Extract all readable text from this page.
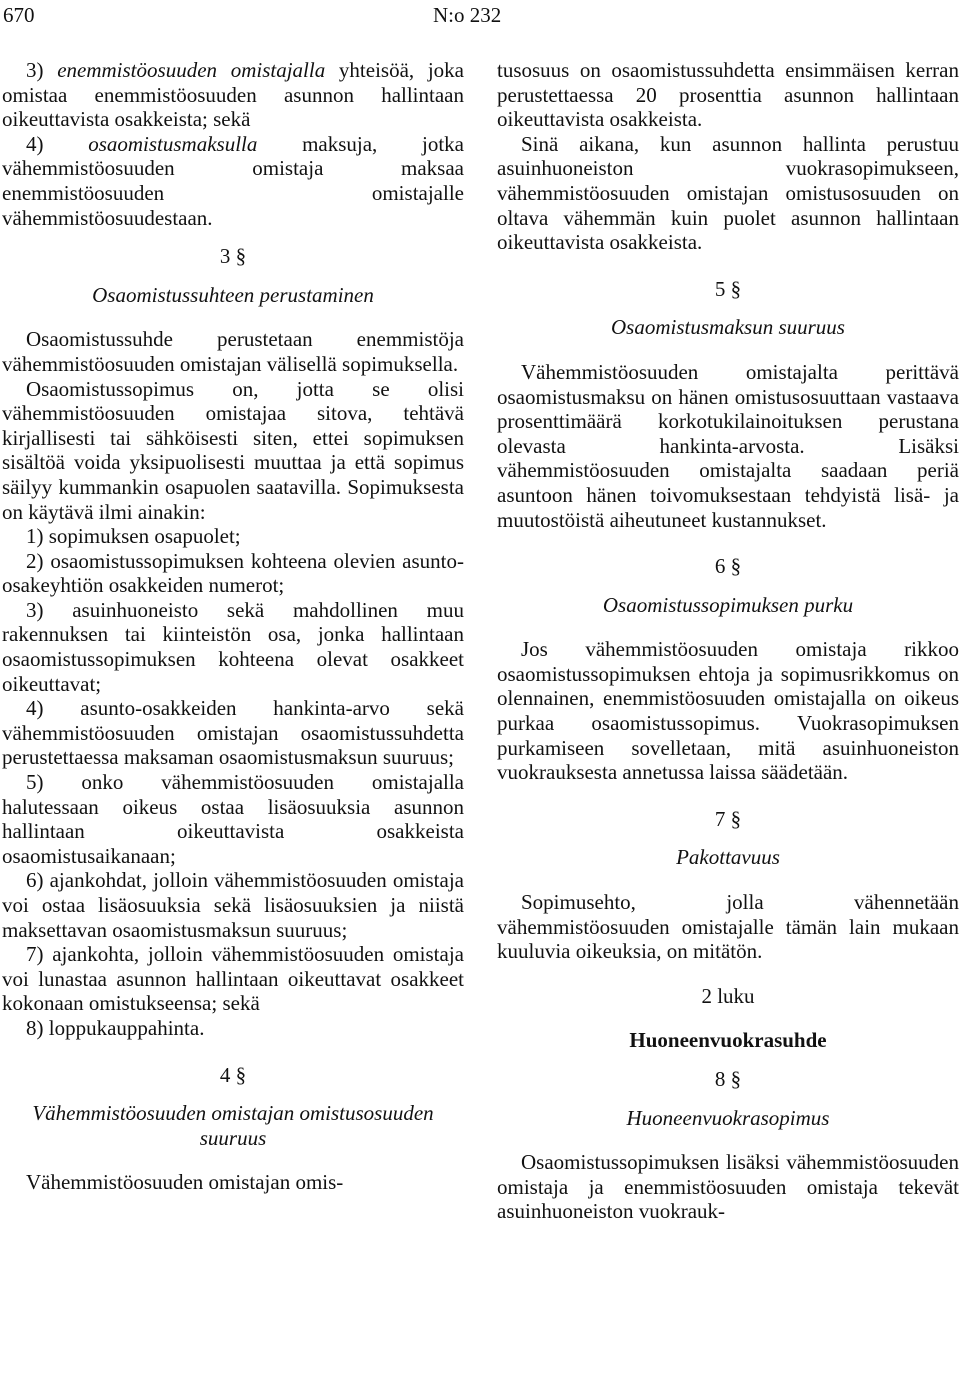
670	N:o 232

3) enemmistöosuuden omistajalla yhteisöä, joka omistaa enemmistöosuuden asunnon hallintaan oikeuttavista osakkeista; sekä

4) osaomistusmaksulla maksuja, jotka vähemmistöosuuden omistaja maksaa enemmistöosuuden omistajalle vähemmistöosuudestaan.

3 §

Osaomistussuhteen perustaminen

Osaomistussuhde perustetaan enemmistöja vähemmistöosuuden omistajan välisellä sopimuksella.

Osaomistussopimus on, jotta se olisi vähemmistöosuuden omistajaa sitova, tehtävä kirjallisesti tai sähköisesti siten, ettei sopimuksen sisältöä voida yksipuolisesti muuttaa ja että sopimus säilyy kummankin osapuolen saatavilla. Sopimuksesta on käytävä ilmi ainakin:

1) sopimuksen osapuolet;

2) osaomistussopimuksen kohteena olevien asunto-osakeyhtiön osakkeiden numerot;

3) asuinhuoneisto sekä mahdollinen muu rakennuksen tai kiinteistön osa, jonka hallintaan osaomistussopimuksen kohteena olevat osakkeet oikeuttavat;

4) asunto-osakkeiden hankinta-arvo sekä vähemmistöosuuden omistajan osaomistussuhdetta perustettaessa maksaman osaomistusmaksun suuruus;

5) onko vähemmistöosuuden omistajalla halutessaan oikeus ostaa lisäosuuksia asunnon hallintaan oikeuttavista osakkeista osaomistusaikanaan;

6) ajankohdat, jolloin vähemmistöosuuden omistaja voi ostaa lisäosuuksia sekä lisäosuuksien ja niistä maksettavan osaomistusmaksun suuruus;

7) ajankohta, jolloin vähemmistöosuuden omistaja voi lunastaa asunnon hallintaan oikeuttavat osakkeet kokonaan omistukseensa; sekä

8) loppukauppahinta.

4 §

Vähemmistöosuuden omistajan omistusosuuden suuruus

Vähemmistöosuuden omistajan omis-

tusosuus on osaomistussuhdetta ensimmäisen kerran perustettaessa 20 prosenttia asunnon hallintaan oikeuttavista osakkeista.

Sinä aikana, kun asunnon hallinta perustuu asuinhuoneiston vuokrasopimukseen, vähemmistöosuuden omistajan omistusosuuden on oltava vähemmän kuin puolet asunnon hallintaan oikeuttavista osakkeista.

5 §

Osaomistusmaksun suuruus

Vähemmistöosuuden omistajalta perittävä osaomistusmaksu on hänen omistusosuuttaan vastaava prosenttimäärä korkotukilainoituksen perustana olevasta hankinta-arvosta. Lisäksi vähemmistöosuuden omistajalta saadaan periä asuntoon hänen toivomuksestaan tehdyistä lisä- ja muutostöistä aiheutuneet kustannukset.

6 §

Osaomistussopimuksen purku

Jos vähemmistöosuuden omistaja rikkoo osaomistussopimuksen ehtoja ja sopimusrikkomus on olennainen, enemmistöosuuden omistajalla on oikeus purkaa osaomistussopimus. Vuokrasopimuksen purkamiseen sovelletaan, mitä asuinhuoneiston vuokrauksesta annetussa laissa säädetään.

7 §

Pakottavuus

Sopimusehto, jolla vähennetään vähemmistöosuuden omistajalle tämän lain mukaan kuuluvia oikeuksia, on mitätön.

2 luku

Huoneenvuokrasuhde

8 §

Huoneenvuokrasopimus

Osaomistussopimuksen lisäksi vähemmistöosuuden omistaja ja enemmistöosuuden omistaja tekevät asuinhuoneiston vuokrauk-
